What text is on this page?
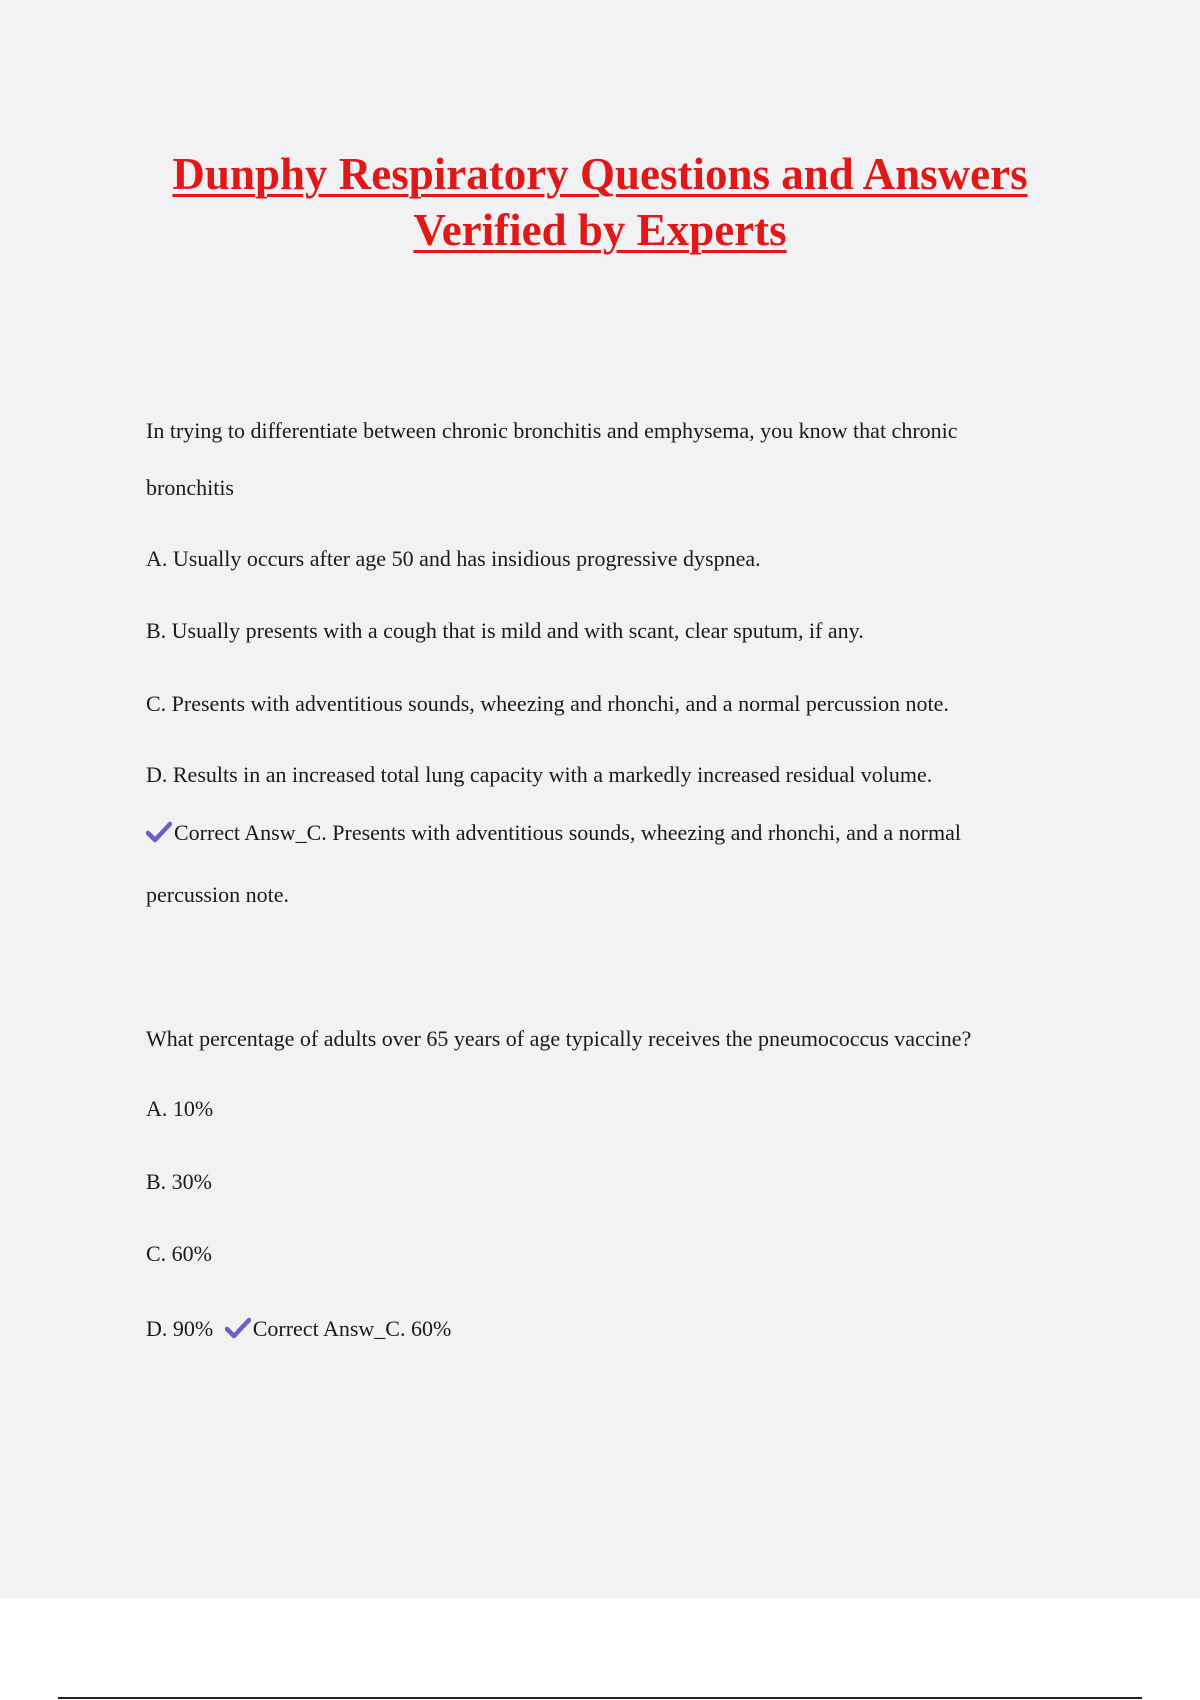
Dunphy Respiratory Questions and Answers
Verified by Experts
In trying to differentiate between chronic bronchitis and emphysema, you know that chronic
bronchitis
A. Usually occurs after age 50 and has insidious progressive dyspnea.
B. Usually presents with a cough that is mild and with scant, clear sputum, if any.
C. Presents with adventitious sounds, wheezing and rhonchi, and a normal percussion note.
D. Results in an increased total lung capacity with a markedly increased residual volume.
Correct Answ_C. Presents with adventitious sounds, wheezing and rhonchi, and a normal
percussion note.
What percentage of adults over 65 years of age typically receives the pneumococcus vaccine?
A. 10%
B. 30%
C. 60%
D. 90% Correct Answ_C. 60%
